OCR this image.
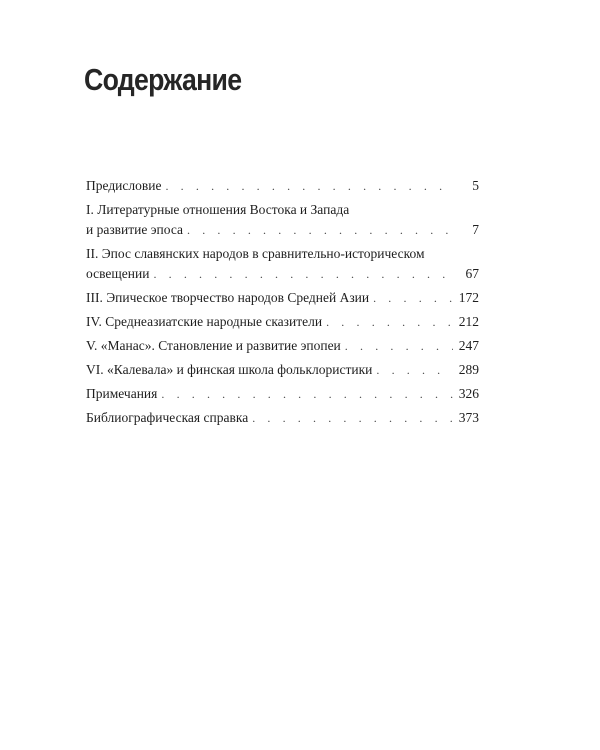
Содержание
Предисловие . . .	5
I. Литературные отношения Востока и Запада
и развитие эпоса . . .	7
II. Эпос славянских народов в сравнительно-историческом
освещении . . .	67
III. Эпическое творчество народов Средней Азии . . .	172
IV. Среднеазиатские народные сказители . . .	212
V. «Манас». Становление и развитие эпопеи . . .	247
VI. «Калевала» и финская школа фольклористики . . .	289
Примечания . . .	326
Библиографическая справка . . .	373
